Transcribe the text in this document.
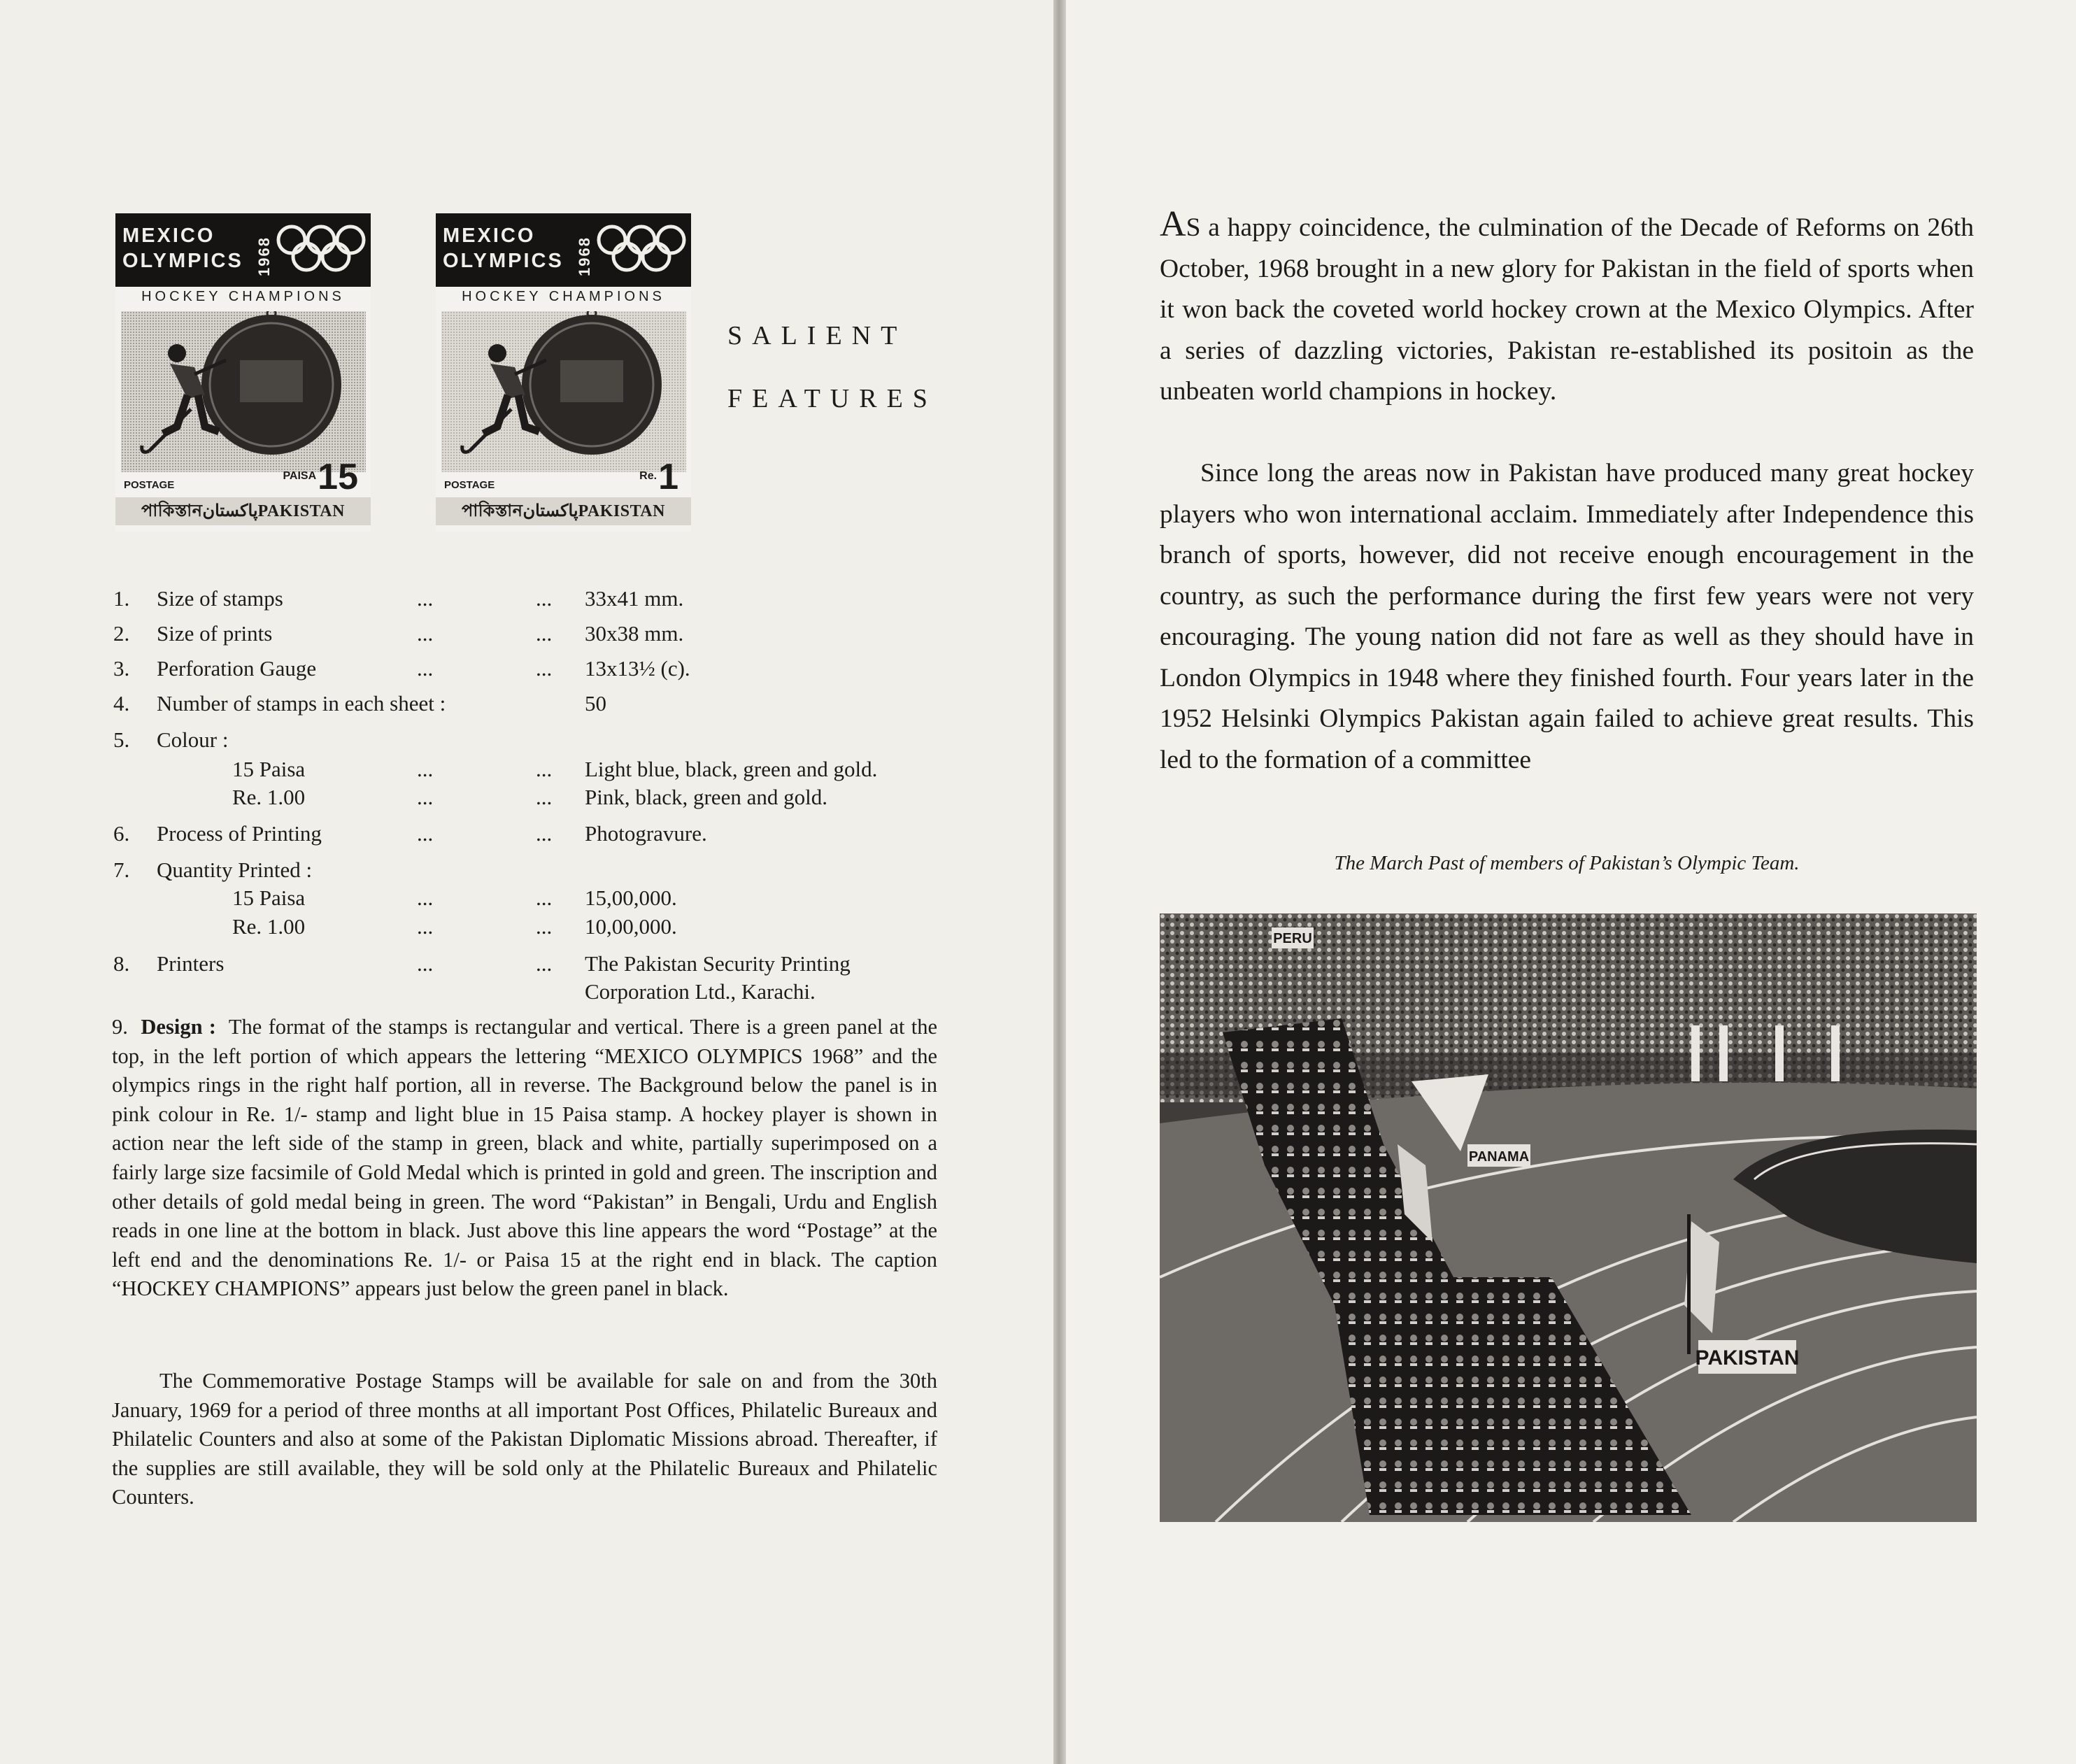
MEXICO
OLYMPICS 1968
HOCKEY CHAMPIONS
POSTAGE
$^{PAISA}$15
পাকিস্তানپاکستانPAKISTAN
MEXICO
OLYMPICS 1968
HOCKEY CHAMPIONS
POSTAGE
$^{Re.}$1
পাকিস্তানپاکستانPAKISTAN
SALIENT
FEATURES
1. Size of stamps	...	... 33x41 mm.
2. Size of prints	...	... 30x38 mm.
3. Perforation Gauge	...	... 13x13½ (c).
4. Number of stamps in each sheet :	50
5. Colour :
15 Paisa	...	... Light blue, black, green and gold.
Re. 1.00	...	... Pink, black, green and gold.
6. Process of Printing	...	... Photogravure.
7. Quantity Printed :
15 Paisa	...	... 15,00,000.
Re. 1.00	...	... 10,00,000.
8. Printers	...	... The Pakistan Security Printing
Corporation Ltd., Karachi.
9. Design : The format of the stamps is rectangular and vertical. There is a green panel at the top, in the left portion of which appears the lettering “MEXICO OLYMPICS 1968” and the olympics rings in the right half portion, all in reverse. The Background below the panel is in pink colour in Re. 1/- stamp and light blue in 15 Paisa stamp. A hockey player is shown in action near the left side of the stamp in green, black and white, partially superimposed on a fairly large size facsimile of Gold Medal which is printed in gold and green. The inscription and other details of gold medal being in green. The word “Pakistan” in Bengali, Urdu and English reads in one line at the bottom in black. Just above this line appears the word “Postage” at the left end and the denominations Re. 1/- or Paisa 15 at the right end in black. The caption “HOCKEY CHAMPIONS” appears just below the green panel in black.
The Commemorative Postage Stamps will be available for sale on and from the 30th January, 1969 for a period of three months at all important Post Offices, Philatelic Bureaux and Philatelic Counters and also at some of the Pakistan Diplomatic Missions abroad. Thereafter, if the supplies are still available, they will be sold only at the Philatelic Bureaux and Philatelic Counters.
AS a happy coincidence, the culmination of the Decade of Reforms on 26th October, 1968 brought in a new glory for Pakistan in the field of sports when it won back the coveted world hockey crown at the Mexico Olympics. After a series of dazzling victories, Pakistan re-established its positoin as the unbeaten world champions in hockey.
Since long the areas now in Pakistan have produced many great hockey players who won international acclaim. Immediately after Independence this branch of sports, however, did not receive enough encouragement in the country, as such the performance during the first few years were not very encouraging. The young nation did not fare as well as they should have in London Olympics in 1948 where they finished fourth. Four years later in the 1952 Helsinki Olympics Pakistan again failed to achieve great results. This led to the formation of a committee
The March Past of members of Pakistan’s Olympic Team.
PERU
PANAMA
PAKISTAN
